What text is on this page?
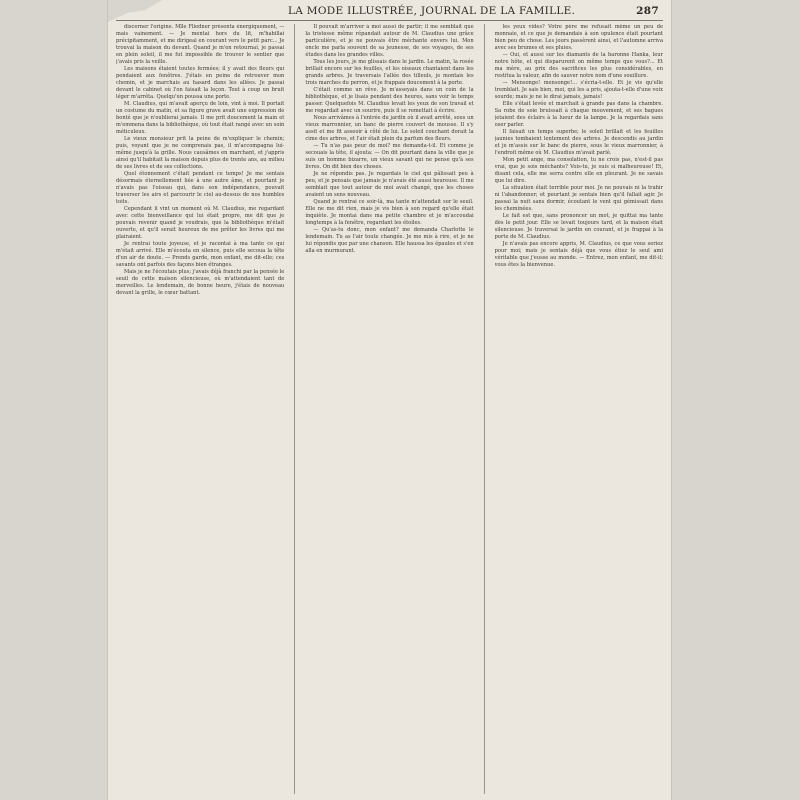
LA MODE ILLUSTRÉE, JOURNAL DE LA FAMILLE.	287

discerner l'origine. Mlle Fliedner présenta énergiquement, — mais vainement. — Je mentai hors du lit, m'habillai précipitamment, et me dirigeai en courant vers le petit parc... Je trouvai la maison du devant. Quand je m'en retournai, je passai en plein soleil, il me fut impossible de trouver le sentier que j'avais pris la veille.

Les maisons étaient toutes fermées; il y avait des fleurs qui pendaient aux fenêtres. J'étais en peine de retrouver mon chemin, et je marchais au hasard dans les allées. Je passai devant le cabinet où l'on faisait la leçon. Tout à coup un bruit léger m'arrêta. Quelqu'un poussa une porte.

M. Claudius, qui m'avait aperçu de loin, vint à moi. Il portait un costume du matin, et sa figure grave avait une expression de bonté que je n'oublierai jamais. Il me prit doucement la main et m'emmena dans la bibliothèque, où tout était rangé avec un soin méticuleux.

Le vieux monsieur prit la peine de m'expliquer le chemin; puis, voyant que je ne comprenais pas, il m'accompagna lui-même jusqu'à la grille. Nous causâmes en marchant, et j'appris ainsi qu'il habitait la maison depuis plus de trente ans, au milieu de ses livres et de ses collections.

Quel étonnement c'était pendant ce temps! Je me sentais désormais éternellement liée à une autre âme, et pourtant je n'avais pas l'oiseau qui, dans son indépendance, pouvait traverser les airs et parcourir le ciel au-dessus de nos humbles toits.

Cependant il vint un moment où M. Claudius, me regardant avec cette bienveillance qui lui était propre, me dit que je pouvais revenir quand je voudrais, que la bibliothèque m'était ouverte, et qu'il serait heureux de me prêter les livres qui me plairaient.

Je rentrai toute joyeuse, et je racontai à ma tante ce qui m'était arrivé. Elle m'écouta en silence, puis elle secoua la tête d'un air de doute. — Prends garde, mon enfant, me dit-elle; ces savants ont parfois des façons bien étranges.

Mais je ne l'écoutais plus; j'avais déjà franchi par la pensée le seuil de cette maison silencieuse, où m'attendaient tant de merveilles. Le lendemain, de bonne heure, j'étais de nouveau devant la grille, le cœur battant.

Il pouvait m'arriver à moi aussi de partir; il me semblait que la tristesse même répandait autour de M. Claudius une grâce particulière, et je ne pouvais être méchante envers lui. Mon oncle me parla souvent de sa jeunesse, de ses voyages, de ses études dans les grandes villes.

Tous les jours, je me glissais dans le jardin. Le matin, la rosée brillait encore sur les feuilles, et les oiseaux chantaient dans les grands arbres. Je traversais l'allée des tilleuls, je montais les trois marches du perron, et je frappais doucement à la porte.

C'était comme un rêve. Je m'asseyais dans un coin de la bibliothèque, et je lisais pendant des heures, sans voir le temps passer. Quelquefois M. Claudius levait les yeux de son travail et me regardait avec un sourire, puis il se remettait à écrire.

Nous arrivâmes à l'entrée du jardin où il avait arrêté, sous un vieux marronnier, un banc de pierre couvert de mousse. Il s'y assit et me fit asseoir à côté de lui. Le soleil couchant dorait la cime des arbres, et l'air était plein du parfum des fleurs.

— Tu n'as pas peur de moi? me demanda-t-il. Et comme je secouais la tête, il ajouta: — On dit pourtant dans la ville que je suis un homme bizarre, un vieux savant qui ne pense qu'à ses livres. On dit bien des choses.

Je ne répondis pas. Je regardais le ciel qui pâlissait peu à peu, et je pensais que jamais je n'avais été aussi heureuse. Il me semblait que tout autour de moi avait changé, que les choses avaient un sens nouveau.

Quand je rentrai ce soir-là, ma tante m'attendait sur le seuil. Elle ne me dit rien, mais je vis bien à son regard qu'elle était inquiète. Je montai dans ma petite chambre et je m'accoudai longtemps à la fenêtre, regardant les étoiles.

— Qu'as-tu donc, mon enfant? me demanda Charlotte le lendemain. Tu as l'air toute changée. Je me mis à rire, et je ne lui répondis que par une chanson. Elle haussa les épaules et s'en alla en murmurant.

les yeux vides? Votre père me refusait même un peu de monnaie, et ce que je demandais à son opulence était pourtant bien peu de chose. Les jours passèrent ainsi, et l'automne arriva avec ses brumes et ses pluies.

— Oui, et aussi sur les diamants de la baronne Hanka, leur notre hôte, et qui disparurent on même temps que vous?... Et ma mère, au prix des sacrifices les plus considérables, en restitua la valeur, afin de sauver notre nom d'une souillure.

— Mensonge! mensonge!... s'écria-t-elle. Et je vis qu'elle tremblait. Je sais bien, moi, qui les a pris, ajouta-t-elle d'une voix sourde; mais je ne le dirai jamais, jamais!

Elle s'était levée et marchait à grands pas dans la chambre. Sa robe de soie bruissait à chaque mouvement, et ses bagues jetaient des éclairs à la lueur de la lampe. Je la regardais sans oser parler.

Il faisait un temps superbe; le soleil brillait et les feuilles jaunies tombaient lentement des arbres. Je descendis au jardin et je m'assis sur le banc de pierre, sous le vieux marronnier, à l'endroit même où M. Claudius m'avait parlé.

Mon petit ange, ma consolation, tu ne crois pas, n'est-il pas vrai, que je sois méchante? Vois-tu, je suis si malheureuse! Et, disant cela, elle me serra contre elle en pleurant. Je ne savais que lui dire.

La situation était terrible pour moi. Je ne pouvais ni la trahir ni l'abandonner; et pourtant je sentais bien qu'il fallait agir. Je passai la nuit sans dormir, écoutant le vent qui gémissait dans les cheminées.

Le fait est que, sans prononcer un mot, je quittai ma tante dès le petit jour. Elle se levait toujours tard, et la maison était silencieuse. Je traversai le jardin en courant, et je frappai à la porte de M. Claudius.

Je n'avais pas encore appris, M. Claudius, ce que vous seriez pour moi; mais je sentais déjà que vous étiez le seul ami véritable que j'eusse au monde. — Entrez, mon enfant, me dit-il; vous êtes la bienvenue.
